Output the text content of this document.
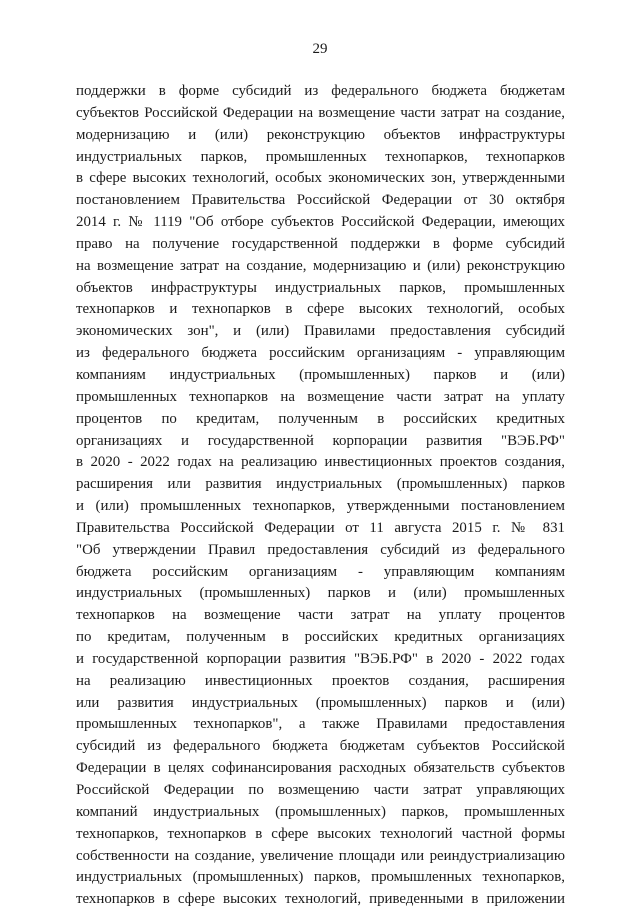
29
поддержки в форме субсидий из федерального бюджета бюджетам
субъектов Российской Федерации на возмещение части затрат на создание,
модернизацию и (или) реконструкцию объектов инфраструктуры
индустриальных парков, промышленных технопарков, технопарков
в сфере высоких технологий, особых экономических зон, утвержденными
постановлением Правительства Российской Федерации от 30 октября
2014 г. № 1119 "Об отборе субъектов Российской Федерации, имеющих
право на получение государственной поддержки в форме субсидий
на возмещение затрат на создание, модернизацию и (или) реконструкцию
объектов инфраструктуры индустриальных парков, промышленных
технопарков и технопарков в сфере высоких технологий, особых
экономических зон", и (или) Правилами предоставления субсидий
из федерального бюджета российским организациям - управляющим
компаниям индустриальных (промышленных) парков и (или)
промышленных технопарков на возмещение части затрат на уплату
процентов по кредитам, полученным в российских кредитных
организациях и государственной корпорации развития "ВЭБ.РФ"
в 2020 - 2022 годах на реализацию инвестиционных проектов создания,
расширения или развития индустриальных (промышленных) парков
и (или) промышленных технопарков, утвержденными постановлением
Правительства Российской Федерации от 11 августа 2015 г. № 831
"Об утверждении Правил предоставления субсидий из федерального
бюджета российским организациям - управляющим компаниям
индустриальных (промышленных) парков и (или) промышленных
технопарков на возмещение части затрат на уплату процентов
по кредитам, полученным в российских кредитных организациях
и государственной корпорации развития "ВЭБ.РФ" в 2020 - 2022 годах
на реализацию инвестиционных проектов создания, расширения
или развития индустриальных (промышленных) парков и (или)
промышленных технопарков", а также Правилами предоставления
субсидий из федерального бюджета бюджетам субъектов Российской
Федерации в целях софинансирования расходных обязательств субъектов
Российской Федерации по возмещению части затрат управляющих
компаний индустриальных (промышленных) парков, промышленных
технопарков, технопарков в сфере высоких технологий частной формы
собственности на создание, увеличение площади или реиндустриализацию
индустриальных (промышленных) парков, промышленных технопарков,
технопарков в сфере высоких технологий, приведенными в приложении
